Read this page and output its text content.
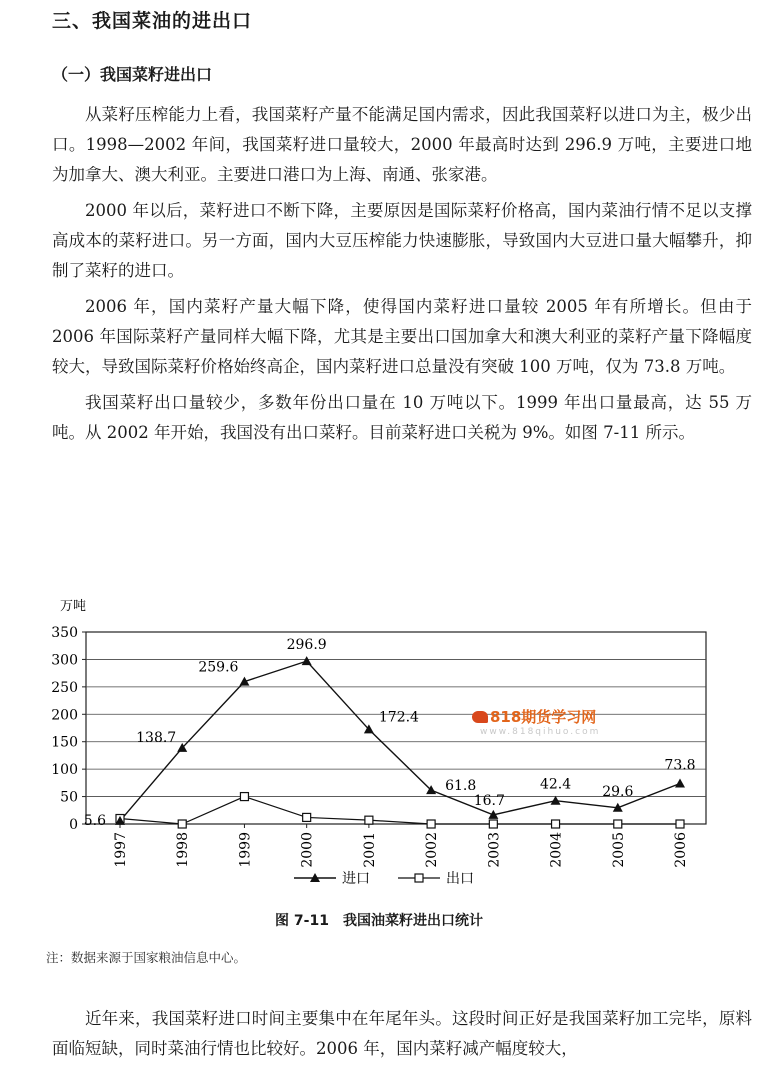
三、我国菜油的进出口
（一）我国菜籽进出口

从菜籽压榨能力上看，我国菜籽产量不能满足国内需求，因此我国菜籽以进口为主，极少出口。1998—2002 年间，我国菜籽进口量较大，2000 年最高时达到 296.9 万吨，主要进口地为加拿大、澳大利亚。主要进口港口为上海、南通、张家港。

2000 年以后，菜籽进口不断下降，主要原因是国际菜籽价格高，国内菜油行情不足以支撑高成本的菜籽进口。另一方面，国内大豆压榨能力快速膨胀，导致国内大豆进口量大幅攀升，抑制了菜籽的进口。

2006 年，国内菜籽产量大幅下降，使得国内菜籽进口量较 2005 年有所增长。但由于 2006 年国际菜籽产量同样大幅下降，尤其是主要出口国加拿大和澳大利亚的菜籽产量下降幅度较大，导致国际菜籽价格始终高企，国内菜籽进口总量没有突破 100 万吨，仅为 73.8 万吨。

我国菜籽出口量较少，多数年份出口量在 10 万吨以下。1999 年出口量最高，达 55 万吨。从 2002 年开始，我国没有出口菜籽。目前菜籽进口关税为 9%。如图 7-11 所示。

0
50
100
150
200
250
300
350
万吨
1997	1998	1999	2000	2001	2002	2003	2004	2005	2006
5.6
138.7
259.6
296.9
172.4
61.8
16.7
42.4 29.6
73.8
进口	出口
818期货学习网
www.818qihuo.com
图 7-11　我国油菜籽进出口统计
注：数据来源于国家粮油信息中心。

近年来，我国菜籽进口时间主要集中在年尾年头。这段时间正好是我国菜籽加工完毕，原料面临短缺，同时菜油行情也比较好。2006 年，国内菜籽减产幅度较大，
